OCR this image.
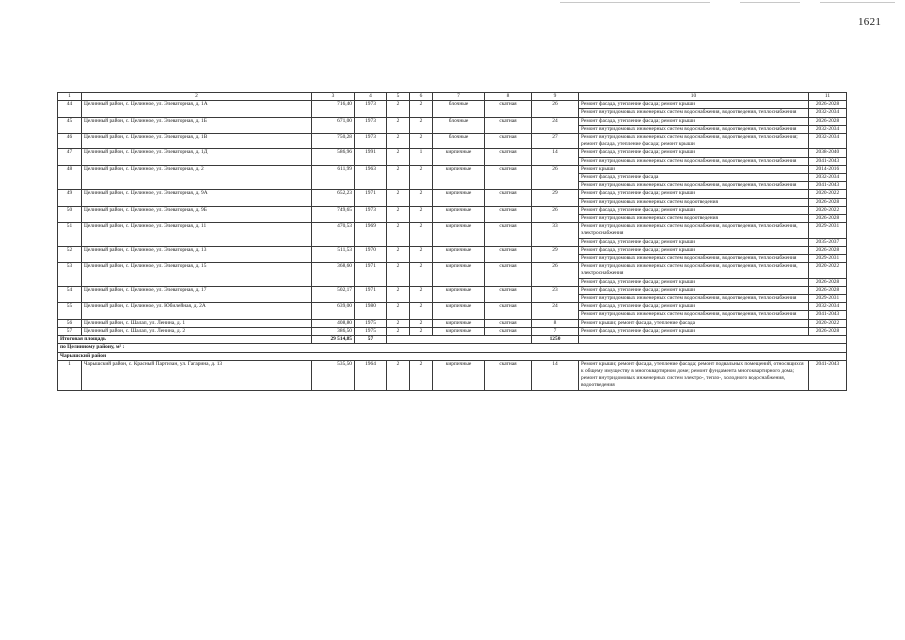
1621
1	2	3	4	5	6	7	8	9	10	11
44	Целинный район, с. Целинное, ул. Элеваторная, д. 1А	716,40	1973	2	2	блочные	скатная	26	Ремонт фасада, утепление фасада; ремонт крыши	2026-2028
									Ремонт внутридомовых инженерных систем водоснабжения, водоотведения, теплоснабжения	2032-2034
45	Целинный район, с. Целинное, ул. Элеваторная, д. 1Б	671,00	1973	2	2	блочные	скатная	24	Ремонт фасада, утепление фасада; ремонт крыши	2026-2028
									Ремонт внутридомовых инженерных систем водоснабжения, водоотведения, теплоснабжения	2032-2034
46	Целинный район, с. Целинное, ул. Элеваторная, д. 1В	750,28	1973	2	2	блочные	скатная	27	Ремонт внутридомовых инженерных систем водоснабжения, водоотведения, теплоснабжения; ремонт фасада, утепление фасада; ремонт крыши	2032-2034
47	Целинный район, с. Целинное, ул. Элеваторная, д. 1Д	586,96	1991	2	1	кирпичные	скатная	14	Ремонт фасада, утепление фасада; ремонт крыши	2038-2040
									Ремонт внутридомовых инженерных систем водоснабжения, водоотведения, теплоснабжения	2041-2043
48	Целинный район, с. Целинное, ул. Элеваторная, д. 2	611,99	1963	2	2	кирпичные	скатная	26	Ремонт крыши	2014-2016
									Ремонт фасада, утепление фасада	2032-2034
									Ремонт внутридомовых инженерных систем водоснабжения, водоотведения, теплоснабжения	2041-2043
49	Целинный район, с. Целинное, ул. Элеваторная, д. 9А	652,23	1971	2	2	кирпичные	скатная	29	Ремонт фасада, утепление фасада; ремонт крыши	2020-2022
									Ремонт внутридомовых инженерных систем водоотведения	2026-2028
50	Целинный район, с. Целинное, ул. Элеваторная, д. 9Б	749,65	1973	2	2	кирпичные	скатная	26	Ремонт фасада, утепление фасада; ремонт крыши	2020-2022
									Ремонт внутридомовых инженерных систем водоотведения	2026-2028
51	Целинный район, с. Целинное, ул. Элеваторная, д. 11	470,53	1969	2	2	кирпичные	скатная	33	Ремонт внутридомовых инженерных систем водоснабжения, водоотведения, теплоснабжения, электроснабжения	2029-2031
									Ремонт фасада, утепление фасада; ремонт крыши	2035-2037
52	Целинный район, с. Целинное, ул. Элеваторная, д. 13	511,53	1970	2	2	кирпичные	скатная	29	Ремонт фасада, утепление фасада; ремонт крыши	2026-2028
									Ремонт внутридомовых инженерных систем водоснабжения, водоотведения, теплоснабжения	2029-2031
53	Целинный район, с. Целинное, ул. Элеваторная, д. 15	368,60	1971	2	2	кирпичные	скатная	26	Ремонт внутридомовых инженерных систем водоснабжения, водоотведения, теплоснабжения, электроснабжения	2020-2022
									Ремонт фасада, утепление фасада; ремонт крыши	2026-2028
54	Целинный район, с. Целинное, ул. Элеваторная, д. 17	502,17	1971	2	2	кирпичные	скатная	23	Ремонт фасада, утепление фасада; ремонт крыши	2026-2028
									Ремонт внутридомовых инженерных систем водоснабжения, водоотведения, теплоснабжения	2029-2031
55	Целинный район, с. Целинное, ул. Юбилейная, д. 2А	639,00	1980	2	2	кирпичные	скатная	24	Ремонт фасада, утепление фасада; ремонт крыши	2032-2034
									Ремонт внутридомовых инженерных систем водоснабжения, водоотведения, теплоснабжения	2041-2043
56	Целинный район, с. Шалап, ул. Ленина, д. 1	408,80	1975	2	2	кирпичные	скатная	8	Ремонт крыши; ремонт фасада, утепление фасада	2020-2022
57	Целинный район, с. Шалап, ул. Ленина, д. 2	386,50	1975	2	2	кирпичные	скатная	7	Ремонт фасада, утепление фасада; ремонт крыши	2026-2028
Итоговая площадь		29 514,85	57					1250		
по Целинному району, м² :										
Чарышский район										
1	Чарышский район, с. Красный Партизан, ул. Гагарина, д. 13	535,50	1964	2	2	кирпичные	скатная	14	Ремонт крыши; ремонт фасада, утепление фасада; ремонт подвальных помещений, относящихся к общему имуществу в многоквартирном доме; ремонт фундамента многоквартирного дома; ремонт внутридомовых инженерных систем электро-, тепло-, холодного водоснабжения, водоотведения	2041-2043
